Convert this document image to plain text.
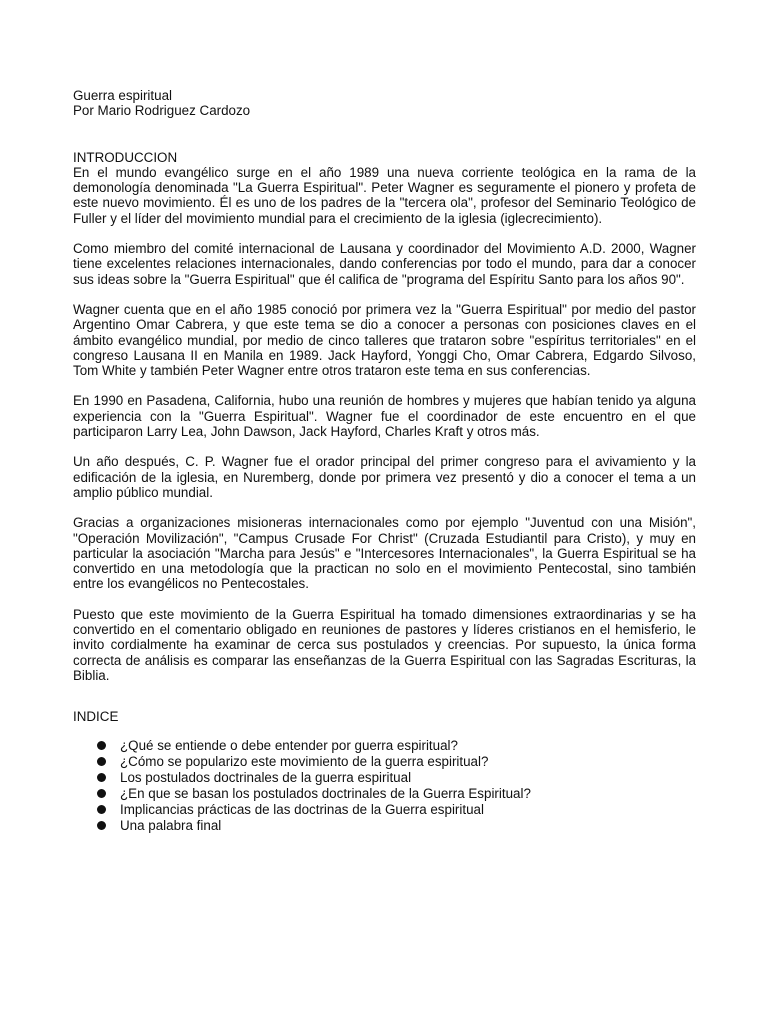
Guerra espiritual

Por Mario Rodriguez Cardozo

INTRODUCCION

En el mundo evangélico surge en el año 1989 una nueva corriente teológica en la rama de la demonología denominada "La Guerra Espiritual". Peter Wagner es seguramente el pionero y profeta de este nuevo movimiento. Él es uno de los padres de la "tercera ola", profesor del Seminario Teológico de Fuller y el líder del movimiento mundial para el crecimiento de la iglesia (iglecrecimiento).

Como miembro del comité internacional de Lausana y coordinador del Movimiento A.D. 2000, Wagner tiene excelentes relaciones internacionales, dando conferencias por todo el mundo, para dar a conocer sus ideas sobre la "Guerra Espiritual" que él califica de "programa del Espíritu Santo para los años 90".

Wagner cuenta que en el año 1985 conoció por primera vez la "Guerra Espiritual" por medio del pastor Argentino Omar Cabrera, y que este tema se dio a conocer a personas con posiciones claves en el ámbito evangélico mundial, por medio de cinco talleres que trataron sobre "espíritus territoriales" en el congreso Lausana II en Manila en 1989. Jack Hayford, Yonggi Cho, Omar Cabrera, Edgardo Silvoso, Tom White y también Peter Wagner entre otros trataron este tema en sus conferencias.

En 1990 en Pasadena, California, hubo una reunión de hombres y mujeres que habían tenido ya alguna experiencia con la "Guerra Espiritual". Wagner fue el coordinador de este encuentro en el que participaron Larry Lea, John Dawson, Jack Hayford, Charles Kraft y otros más.

Un año después, C. P. Wagner fue el orador principal del primer congreso para el avivamiento y la edificación de la iglesia, en Nuremberg, donde por primera vez presentó y dio a conocer el tema a un amplio público mundial.

Gracias a organizaciones misioneras internacionales como por ejemplo "Juventud con una Misión", "Operación Movilización", "Campus Crusade For Christ" (Cruzada Estudiantil para Cristo), y muy en particular la asociación "Marcha para Jesús" e "Intercesores Internacionales", la Guerra Espiritual se ha convertido en una metodología que la practican no solo en el movimiento Pentecostal, sino también entre los evangélicos no Pentecostales.

Puesto que este movimiento de la Guerra Espiritual ha tomado dimensiones extraordinarias y se ha convertido en el comentario obligado en reuniones de pastores y líderes cristianos en el hemisferio, le invito cordialmente ha examinar de cerca sus postulados y creencias. Por supuesto, la única forma correcta de análisis es comparar las enseñanzas de la Guerra Espiritual con las Sagradas Escrituras, la Biblia.

INDICE

¿Qué se entiende o debe entender por guerra espiritual?
¿Cómo se popularizo este movimiento de la guerra espiritual?
Los postulados doctrinales de la guerra espiritual
¿En que se basan los postulados doctrinales de la Guerra Espiritual?
Implicancias prácticas de las doctrinas de la Guerra espiritual
Una palabra final
